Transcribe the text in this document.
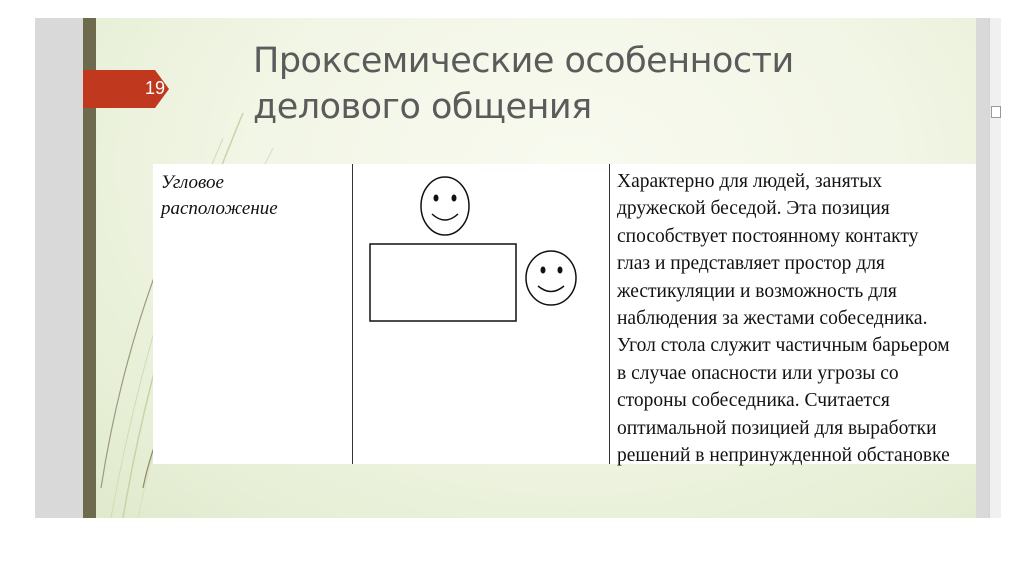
19
Проксемические особенности
делового общения
Угловое
расположение
Характерно для людей, занятых
дружеской беседой. Эта позиция
способствует постоянному контакту
глаз и представляет простор для
жестикуляции и возможность для
наблюдения за жестами собеседника.
Угол стола служит частичным барьером
в случае опасности или угрозы со
стороны собеседника. Считается
оптимальной позицией для выработки
решений в непринужденной обстановке
